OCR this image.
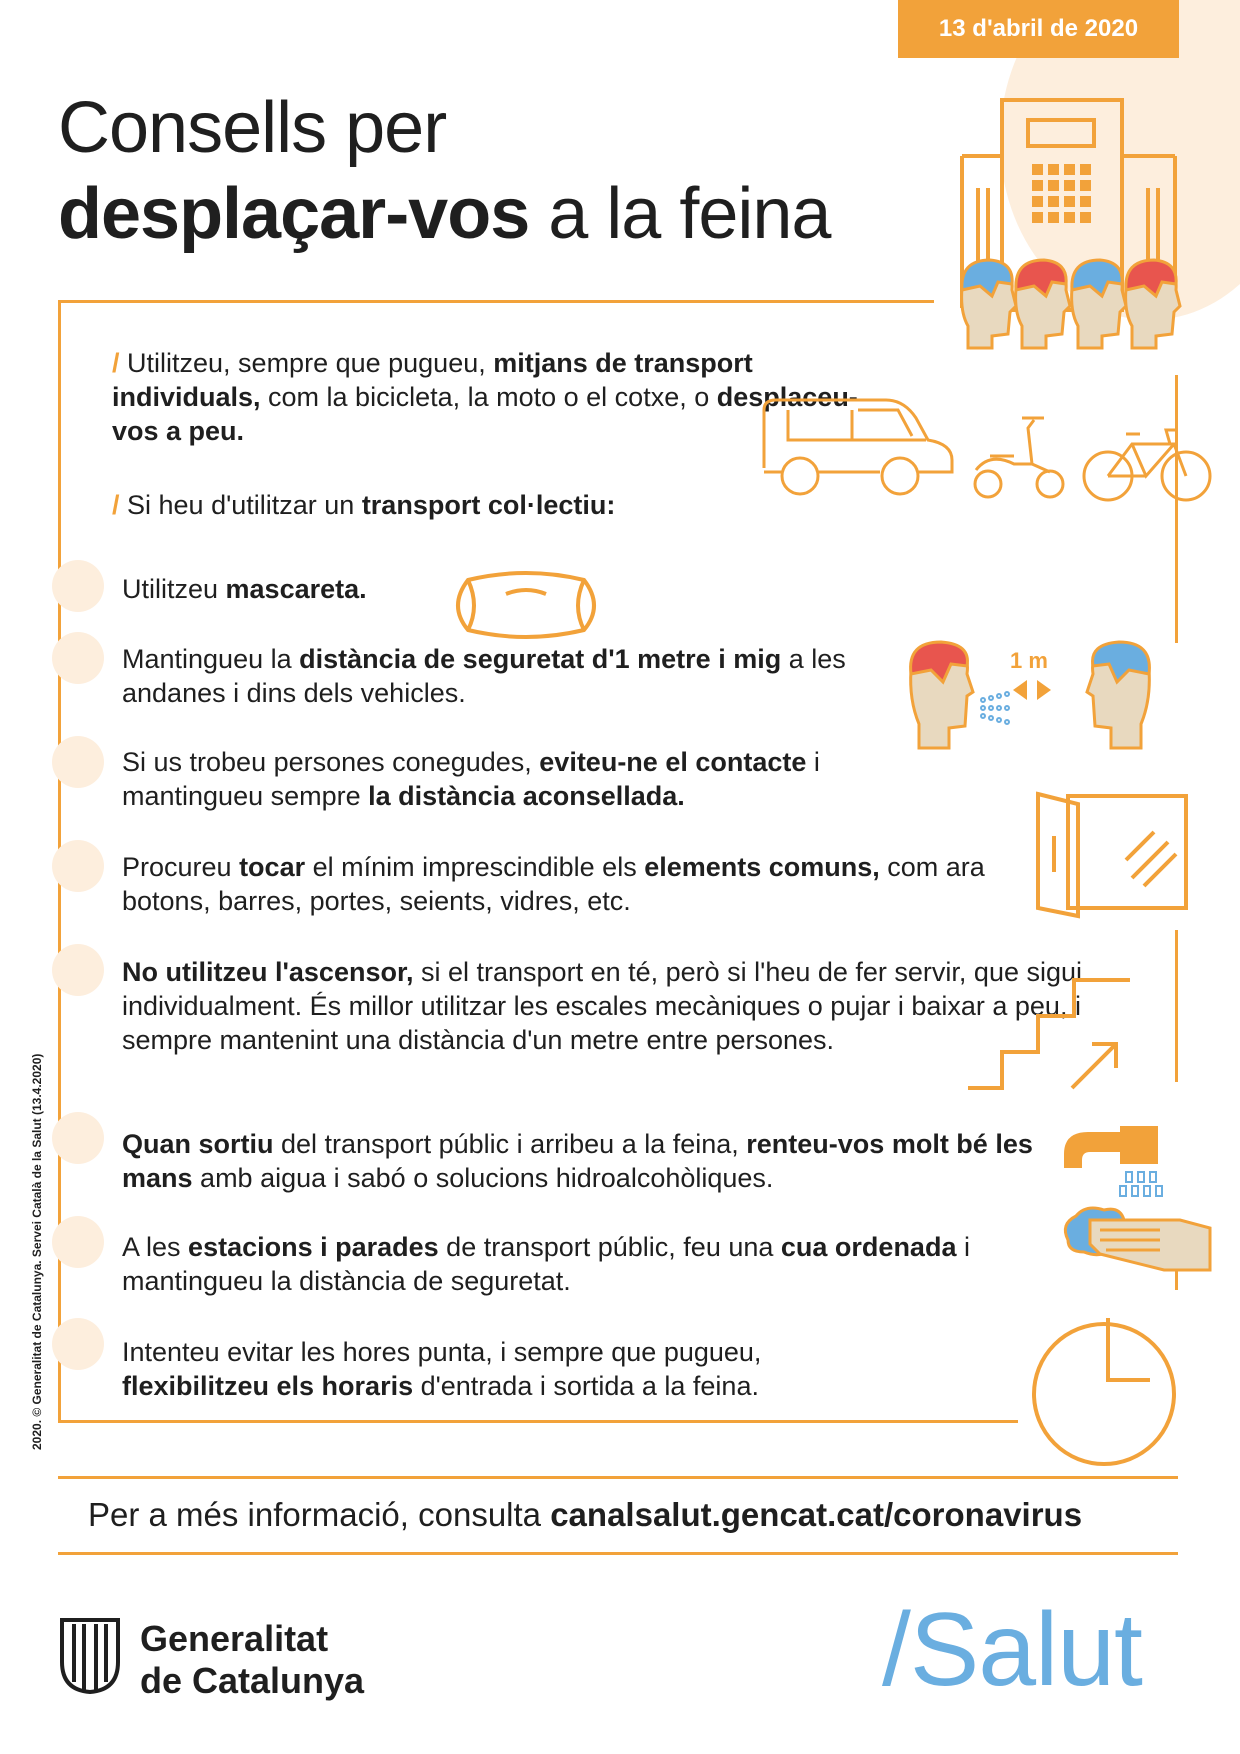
13 d'abril de 2020
Consells per
desplaçar-vos a la feina
/ Utilitzeu, sempre que pugueu, mitjans de transport individuals, com la bicicleta, la moto o el cotxe, o desplaceu-vos a peu.
/ Si heu d'utilitzar un transport col·lectiu:
Utilitzeu mascareta.
Mantingueu la distància de seguretat d'1 metre i mig a les andanes i dins dels vehicles.
Si us trobeu persones conegudes, eviteu-ne el contacte i mantingueu sempre la distància aconsellada.
Procureu tocar el mínim imprescindible els elements comuns, com ara botons, barres, portes, seients, vidres, etc.
No utilitzeu l'ascensor, si el transport en té, però si l'heu de fer servir, que sigui individualment. És millor utilitzar les escales mecàniques o pujar i baixar a peu, i sempre mantenint una distància d'un metre entre persones.
Quan sortiu del transport públic i arribeu a la feina, renteu-vos molt bé les mans amb aigua i sabó o solucions hidroalcohòliques.
A les estacions i parades de transport públic, feu una cua ordenada i mantingueu la distància de seguretat.
Intenteu evitar les hores punta, i sempre que pugueu, flexibilitzeu els horaris d'entrada i sortida a la feina.
1 m
2020. © Generalitat de Catalunya. Servei Català de la Salut (13.4.2020)
Per a més informació, consulta canalsalut.gencat.cat/coronavirus
Generalitat
de Catalunya	/Salut
